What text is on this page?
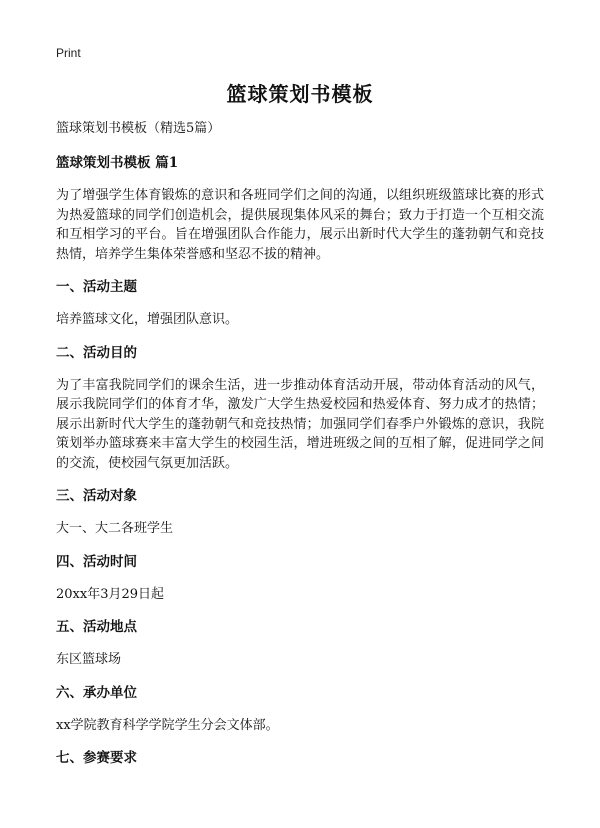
Print
篮球策划书模板
篮球策划书模板（精选5篇）
篮球策划书模板 篇1
为了增强学生体育锻炼的意识和各班同学们之间的沟通，以组织班级篮球比赛的形式为热爱篮球的同学们创造机会，提供展现集体风采的舞台；致力于打造一个互相交流和互相学习的平台。旨在增强团队合作能力，展示出新时代大学生的蓬勃朝气和竞技热情，培养学生集体荣誉感和坚忍不拔的精神。
一、活动主题
培养篮球文化，增强团队意识。
二、活动目的
为了丰富我院同学们的课余生活，进一步推动体育活动开展，带动体育活动的风气，展示我院同学们的体育才华，激发广大学生热爱校园和热爱体育、努力成才的热情；展示出新时代大学生的蓬勃朝气和竞技热情；加强同学们春季户外锻炼的意识，我院策划举办篮球赛来丰富大学生的校园生活，增进班级之间的互相了解，促进同学之间的交流，使校园气氛更加活跃。
三、活动对象
大一、大二各班学生
四、活动时间
20xx年3月29日起
五、活动地点
东区篮球场
六、承办单位
xx学院教育科学学院学生分会文体部。
七、参赛要求
